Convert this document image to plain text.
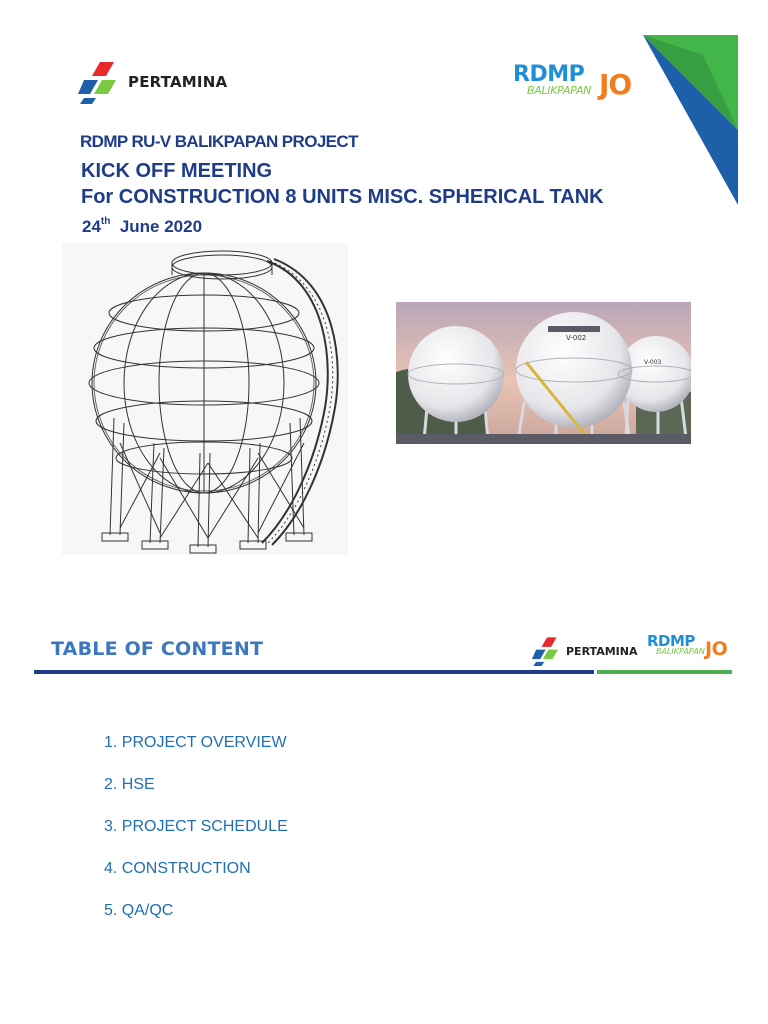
PERTAMINA	RDMP
BALIKPAPAN JO
RDMP RU-V BALIKPAPAN PROJECT
KICK OFF MEETING
For CONSTRUCTION 8 UNITS MISC. SPHERICAL TANK
24th June 2020
V-002
V-003
TABLE OF CONTENT	PERTAMINA
RDMP
BALIKPAPAN JO
1. PROJECT OVERVIEW
2. HSE
3. PROJECT SCHEDULE
4. CONSTRUCTION
5. QA/QC
